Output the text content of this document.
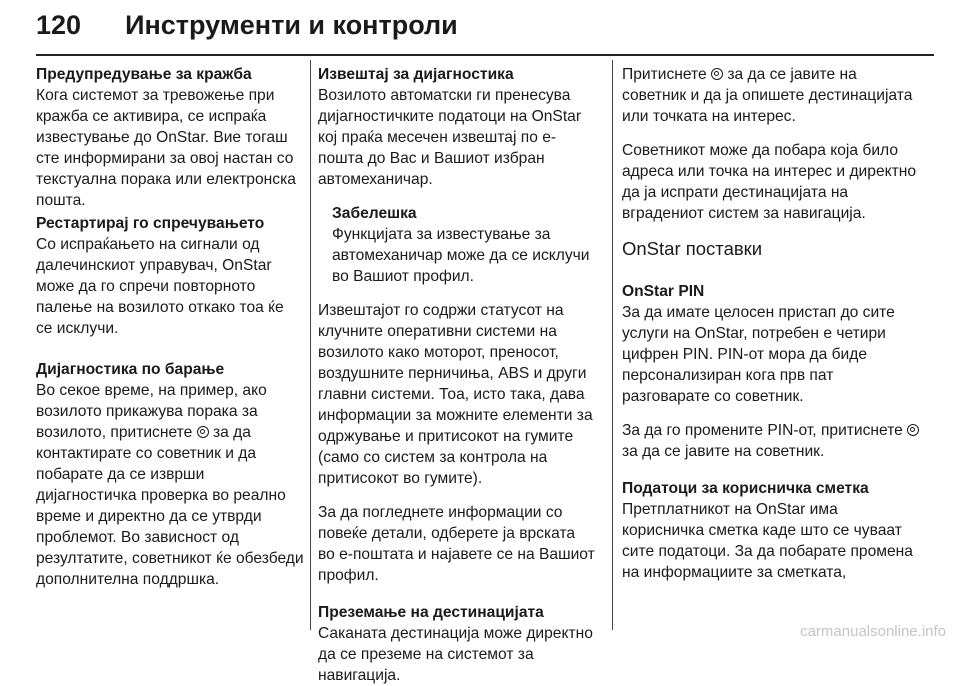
120 Инструменти и контроли
Предупредување за кражба
Кога системот за тревожење при кражба се активира, се испраќа известување до OnStar. Вие тогаш сте информирани за овој настан со текстуална порака или електронска пошта.
Рестартирај го спречувањето
Со испраќањето на сигнали од далечинскиот управувач, OnStar може да го спречи повторното палење на возилото откако тоа ќе се исклучи.
Дијагностика по барање
Во секое време, на пример, ако возилото прикажува порака за возилото, притиснете за да контактирате со советник и да побарате да се изврши дијагностичка проверка во реално време и директно да се утврди проблемот. Во зависност од резултатите, советникот ќе обезбеди дополнителна поддршка.
Извештај за дијагностика
Возилото автоматски ги пренесува дијагностичките податоци на OnStar кој праќа месечен извештај по е-пошта до Вас и Вашиот избран автомеханичар.
Забелешка
Функцијата за известување за автомеханичар може да се исклучи во Вашиот профил.
Извештајот го содржи статусот на клучните оперативни системи на возилото како моторот, преносот, воздушните перничиња, ABS и други главни системи. Тоа, исто така, дава информации за можните елементи за одржување и притисокот на гумите (само со систем за контрола на притисокот во гумите).
За да погледнете информации со повеќе детали, одберете ја врската во е-поштата и најавете се на Вашиот профил.
Преземање на дестинацијата
Саканата дестинација може директно да се преземе на системот за навигација.
Притиснете за да се јавите на советник и да ја опишете дестинацијата или точката на интерес.
Советникот може да побара која било адреса или точка на интерес и директно да ја испрати дестинацијата на вградениот систем за навигација.
OnStar поставки
OnStar PIN
За да имате целосен пристап до сите услуги на OnStar, потребен е четири цифрен PIN. PIN-от мора да биде персонализиран кога прв пат разговарате со советник.
За да го промените PIN-от, притиснете  за да се јавите на советник.
Податоци за корисничка сметка
Претплатникот на OnStar има корисничка сметка каде што се чуваат сите податоци. За да побарате промена на информациите за сметката,
carmanualsonline.info
